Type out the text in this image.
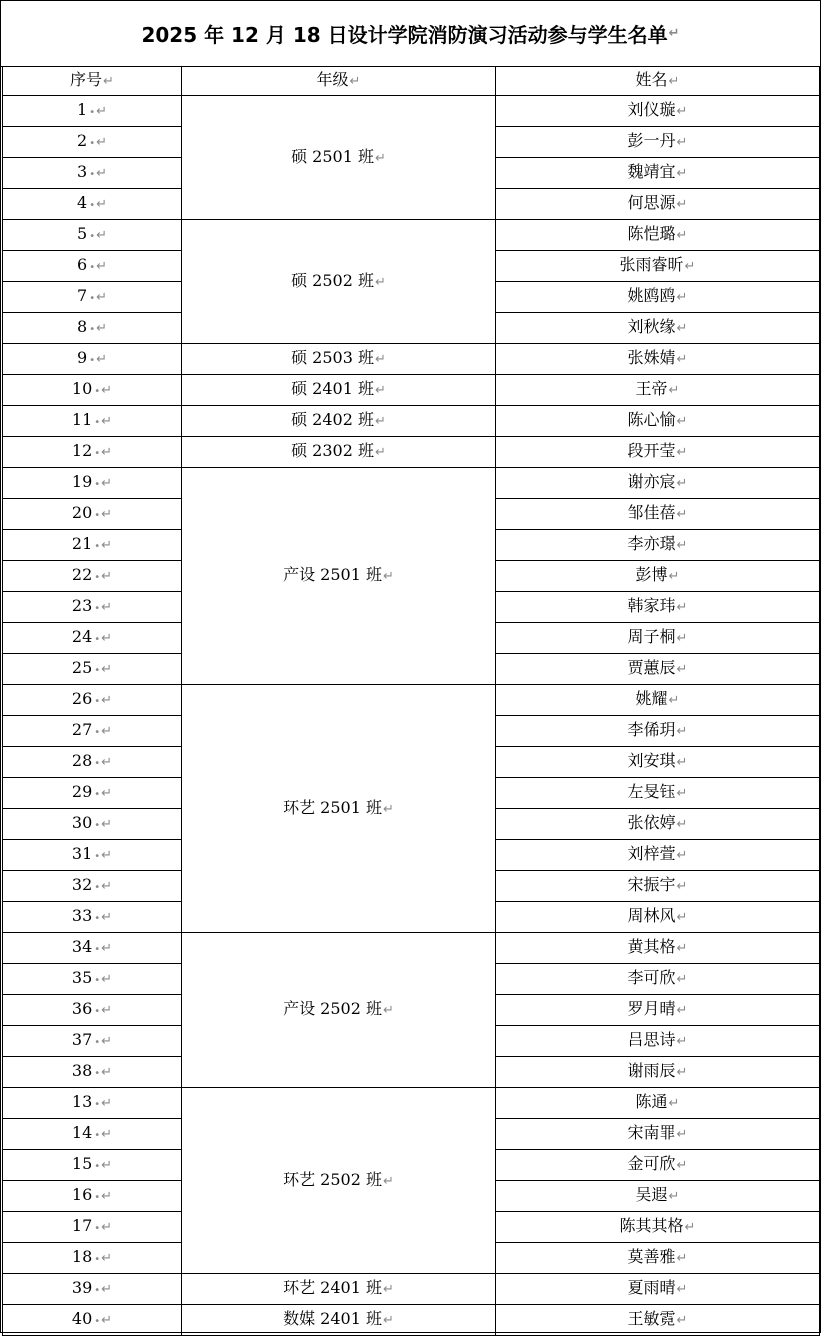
2025 年 12 月 18 日设计学院消防演习活动参与学生名单 ↵
序号↵	年级↵	姓名↵
1 •↵	硕 2501 班↵	刘仪璇↵
2 •↵		彭一丹↵
3 •↵		魏靖宜↵
4 •↵		何思源↵
5 •↵	硕 2502 班↵	陈恺璐↵
6 •↵		张雨睿昕↵
7 •↵		姚鸥鸥↵
8 •↵		刘秋缘↵
9 •↵	硕 2503 班↵	张姝婧↵
10 •↵	硕 2401 班↵	王帝↵
11 •↵	硕 2402 班↵	陈心愉↵
12 •↵	硕 2302 班↵	段开莹↵
19 •↵	产设 2501 班↵	谢亦宸↵
20 •↵		邹佳蓓↵
21 •↵		李亦璟↵
22 •↵		彭博↵
23 •↵		韩家玮↵
24 •↵		周子桐↵
25 •↵		贾蕙辰↵
26 •↵	环艺 2501 班↵	姚耀↵
27 •↵		李俙玥↵
28 •↵		刘安琪↵
29 •↵		左旻钰↵
30 •↵		张依婷↵
31 •↵		刘梓萱↵
32 •↵		宋振宇↵
33 •↵		周林风↵
34 •↵	产设 2502 班↵	黄其格↵
35 •↵		李可欣↵
36 •↵		罗月晴↵
37 •↵		吕思诗↵
38 •↵		谢雨辰↵
13 •↵	环艺 2502 班↵	陈通↵
14 •↵		宋南罪↵
15 •↵		金可欣↵
16 •↵		吴遐↵
17 •↵		陈其其格↵
18 •↵		莫善雅↵
39 •↵	环艺 2401 班↵	夏雨晴↵
40 •↵	数媒 2401 班↵	王敏霓↵
